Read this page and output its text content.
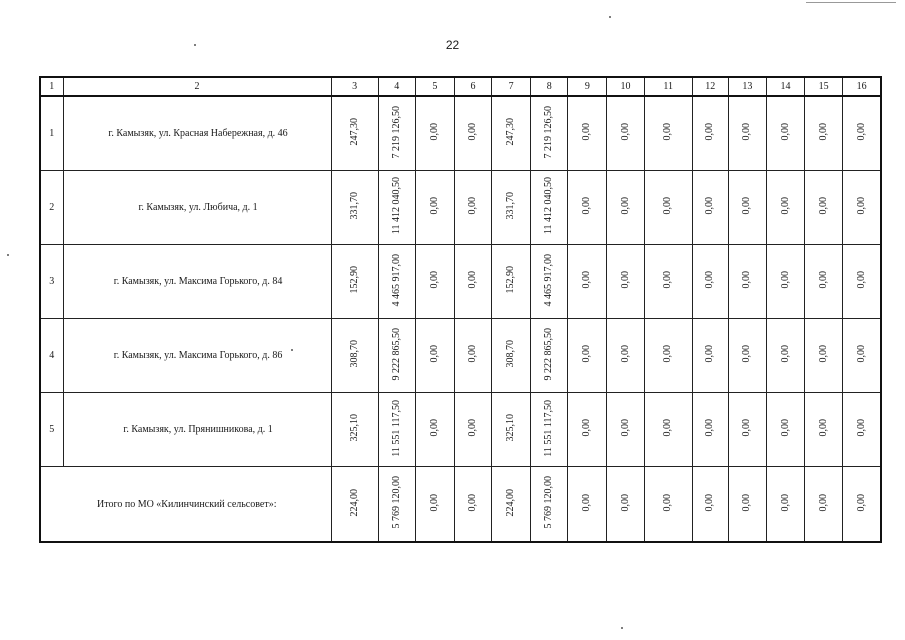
22
1	2	3	4	5	6	7	8	9	10	11	12	13	14	15	16
1	г. Камызяк, ул. Красная Набережная, д. 46	247,30	7 219 126,50	0,00	0,00	247,30	7 219 126,50	0,00	0,00	0,00	0,00	0,00	0,00	0,00	0,00
2	г. Камызяк, ул. Любича, д. 1	331,70	11 412 040,50	0,00	0,00	331,70	11 412 040,50	0,00	0,00	0,00	0,00	0,00	0,00	0,00	0,00
3	г. Камызяк, ул. Максима Горького, д. 84	152,90	4 465 917,00	0,00	0,00	152,90	4 465 917,00	0,00	0,00	0,00	0,00	0,00	0,00	0,00	0,00
4	г. Камызяк, ул. Максима Горького, д. 86	308,70	9 222 865,50	0,00	0,00	308,70	9 222 865,50	0,00	0,00	0,00	0,00	0,00	0,00	0,00	0,00
5	г. Камызяк, ул. Прянишникова, д. 1	325,10	11 551 117,50	0,00	0,00	325,10	11 551 117,50	0,00	0,00	0,00	0,00	0,00	0,00	0,00	0,00
Итого по МО «Килинчинский сельсовет»:		224,00	5 769 120,00	0,00	0,00	224,00	5 769 120,00	0,00	0,00	0,00	0,00	0,00	0,00	0,00	0,00
